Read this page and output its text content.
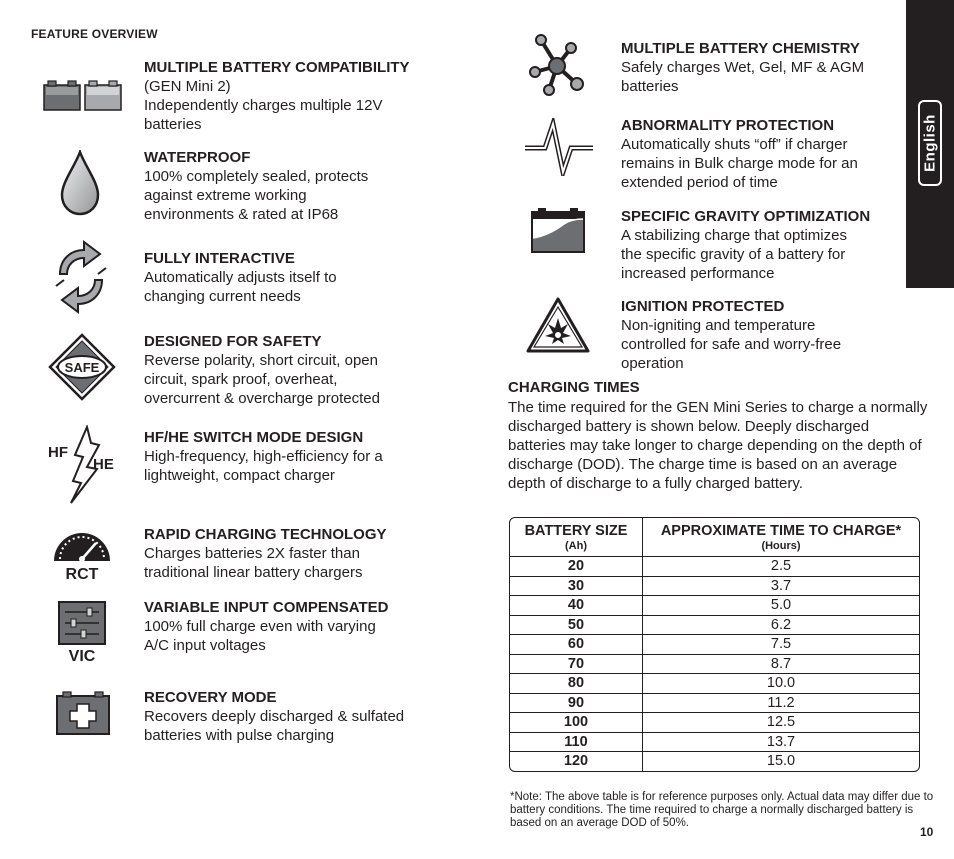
FEATURE OVERVIEW
English
MULTIPLE BATTERY COMPATIBILITY (GEN Mini 2)
Independently charges multiple 12V batteries
WATERPROOF
100% completely sealed, protects against extreme working environments & rated at IP68
FULLY INTERACTIVE
Automatically adjusts itself to changing current needs
SAFE
DESIGNED FOR SAFETY
Reverse polarity, short circuit, open circuit, spark proof, overheat, overcurrent & overcharge protected
HF
HE
HF/HE SWITCH MODE DESIGN
High-frequency, high-efficiency for a lightweight, compact charger
RCT
RAPID CHARGING TECHNOLOGY
Charges batteries 2X faster than traditional linear battery chargers
VIC
VARIABLE INPUT COMPENSATED
100% full charge even with varying A/C input voltages
RECOVERY MODE
Recovers deeply discharged & sulfated batteries with pulse charging
MULTIPLE BATTERY CHEMISTRY
Safely charges Wet, Gel, MF & AGM batteries
ABNORMALITY PROTECTION
Automatically shuts “off” if charger remains in Bulk charge mode for an extended period of time
SPECIFIC GRAVITY OPTIMIZATION
A stabilizing charge that optimizes the specific gravity of a battery for increased performance
IGNITION PROTECTED
Non-igniting and temperature controlled for safe and worry-free operation
CHARGING TIMES
The time required for the GEN Mini Series to charge a normally discharged battery is shown below. Deeply discharged batteries may take longer to charge depending on the depth of discharge (DOD). The charge time is based on an average depth of discharge to a fully charged battery.
BATTERY SIZE
(Ah)	APPROXIMATE TIME TO CHARGE*
(Hours)

20	2.5
30	3.7
40	5.0
50	6.2
60	7.5
70	8.7
80	10.0
90	11.2
100	12.5
110	13.7
120	15.0
*Note: The above table is for reference purposes only. Actual data may differ due to battery conditions. The time required to charge a normally discharged battery is based on an average DOD of 50%.
10
